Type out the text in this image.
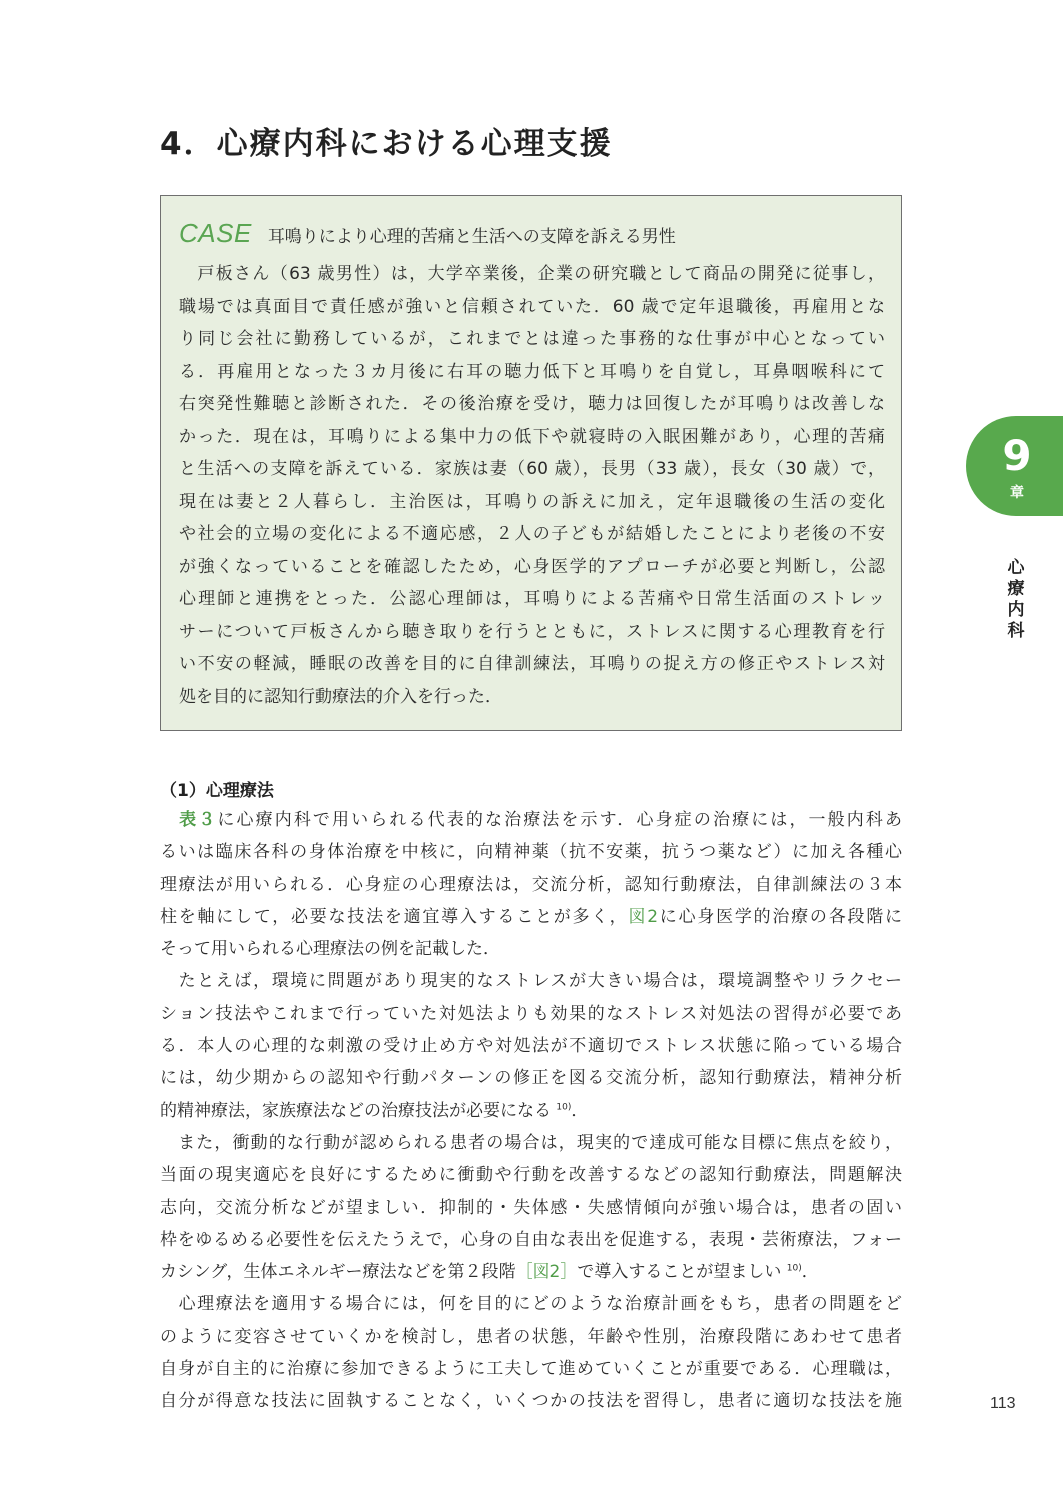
4．心療内科における心理支援
CASE 耳鳴りにより心理的苦痛と生活への支障を訴える男性
　戸板さん（63 歳男性）は，大学卒業後，企業の研究職として商品の開発に従事し，
職場では真面目で責任感が強いと信頼されていた．60 歳で定年退職後，再雇用とな
り同じ会社に勤務しているが，これまでとは違った事務的な仕事が中心となってい
る．再雇用となった３カ月後に右耳の聴力低下と耳鳴りを自覚し，耳鼻咽喉科にて
右突発性難聴と診断された．その後治療を受け，聴力は回復したが耳鳴りは改善しな
かった．現在は，耳鳴りによる集中力の低下や就寝時の入眠困難があり，心理的苦痛
と生活への支障を訴えている．家族は妻（60 歳），長男（33 歳），長女（30 歳）で，
現在は妻と２人暮らし．主治医は，耳鳴りの訴えに加え，定年退職後の生活の変化
や社会的立場の変化による不適応感，２人の子どもが結婚したことにより老後の不安
が強くなっていることを確認したため，心身医学的アプローチが必要と判断し，公認
心理師と連携をとった．公認心理師は，耳鳴りによる苦痛や日常生活面のストレッ
サーについて戸板さんから聴き取りを行うとともに，ストレスに関する心理教育を行
い不安の軽減，睡眠の改善を目的に自律訓練法，耳鳴りの捉え方の修正やストレス対
処を目的に認知行動療法的介入を行った．
（1）心理療法
　表３に心療内科で用いられる代表的な治療法を示す．心身症の治療には，一般内科あ
るいは臨床各科の身体治療を中核に，向精神薬（抗不安薬，抗うつ薬など）に加え各種心
理療法が用いられる．心身症の心理療法は，交流分析，認知行動療法，自律訓練法の３本
柱を軸にして，必要な技法を適宜導入することが多く，図2に心身医学的治療の各段階に
そって用いられる心理療法の例を記載した．
　たとえば，環境に問題があり現実的なストレスが大きい場合は，環境調整やリラクセー
ション技法やこれまで行っていた対処法よりも効果的なストレス対処法の習得が必要であ
る．本人の心理的な刺激の受け止め方や対処法が不適切でストレス状態に陥っている場合
には，幼少期からの認知や行動パターンの修正を図る交流分析，認知行動療法，精神分析
的精神療法，家族療法などの治療技法が必要になる $^{10)}$．
　また，衝動的な行動が認められる患者の場合は，現実的で達成可能な目標に焦点を絞り，
当面の現実適応を良好にするために衝動や行動を改善するなどの認知行動療法，問題解決
志向，交流分析などが望ましい．抑制的・失体感・失感情傾向が強い場合は，患者の固い
枠をゆるめる必要性を伝えたうえで，心身の自由な表出を促進する，表現・芸術療法，フォー
カシング，生体エネルギー療法などを第２段階［図2］で導入することが望ましい $^{10)}$．
　心理療法を適用する場合には，何を目的にどのような治療計画をもち，患者の問題をど
のように変容させていくかを検討し，患者の状態，年齢や性別，治療段階にあわせて患者
自身が自主的に治療に参加できるように工夫して進めていくことが重要である．心理職は，
自分が得意な技法に固執することなく，いくつかの技法を習得し，患者に適切な技法を施
9
章
心療内科
113
